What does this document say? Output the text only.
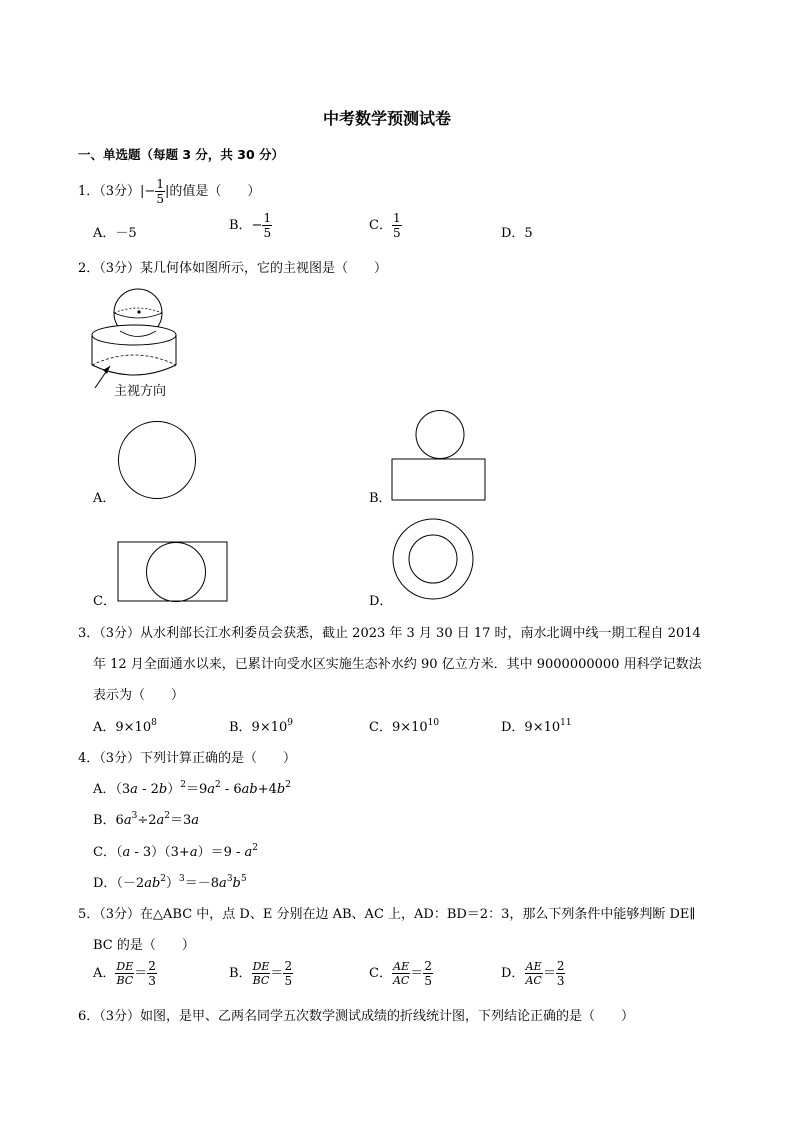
中考数学预测试卷
一、单选题（每题 3 分，共 30 分）
1．（3分）|− $\frac{1}{5}$ |的值是（　　）
A．－5
B．− $\frac{1}{5}$	C． $\frac{1}{5}$	D．5
2．（3分）某几何体如图所示，它的主视图是（　　）
主视方向
A．	B．
C．	D．
3．（3分）从水利部长江水利委员会获悉，截止 2023 年 3 月 30 日 17 时，南水北调中线一期工程自 2014
年 12 月全面通水以来，已累计向受水区实施生态补水约 90 亿立方米．其中 9000000000 用科学记数法
表示为（　　）
A．$9\times 10^8$	B．$9\times 10^9$	C．$9\times 10^{10}$	D．$9\times 10^{11}$
4．（3分）下列计算正确的是（　　）
A．$(3a - 2b)^2=9a^2 - 6ab+4b^2$
B．$6a^3\div 2a^2=3a$
C．$(a - 3)(3+a)=9 - a^2$
D．$(-2ab^2)^3=-8a^3b^5$
5．（3分）在△ABC 中，点 D、E 分别在边 AB、AC 上，AD：BD＝2：3，那么下列条件中能够判断 DE∥
BC 的是（　　）
A． $\frac{DE}{BC} = \frac{2}{3}$	B． $\frac{DE}{BC} = \frac{2}{5}$	C． $\frac{AE}{AC} = \frac{2}{5}$	D． $\frac{AE}{AC} = \frac{2}{3}$
6．（3分）如图，是甲、乙两名同学五次数学测试成绩的折线统计图，下列结论正确的是（　　）
